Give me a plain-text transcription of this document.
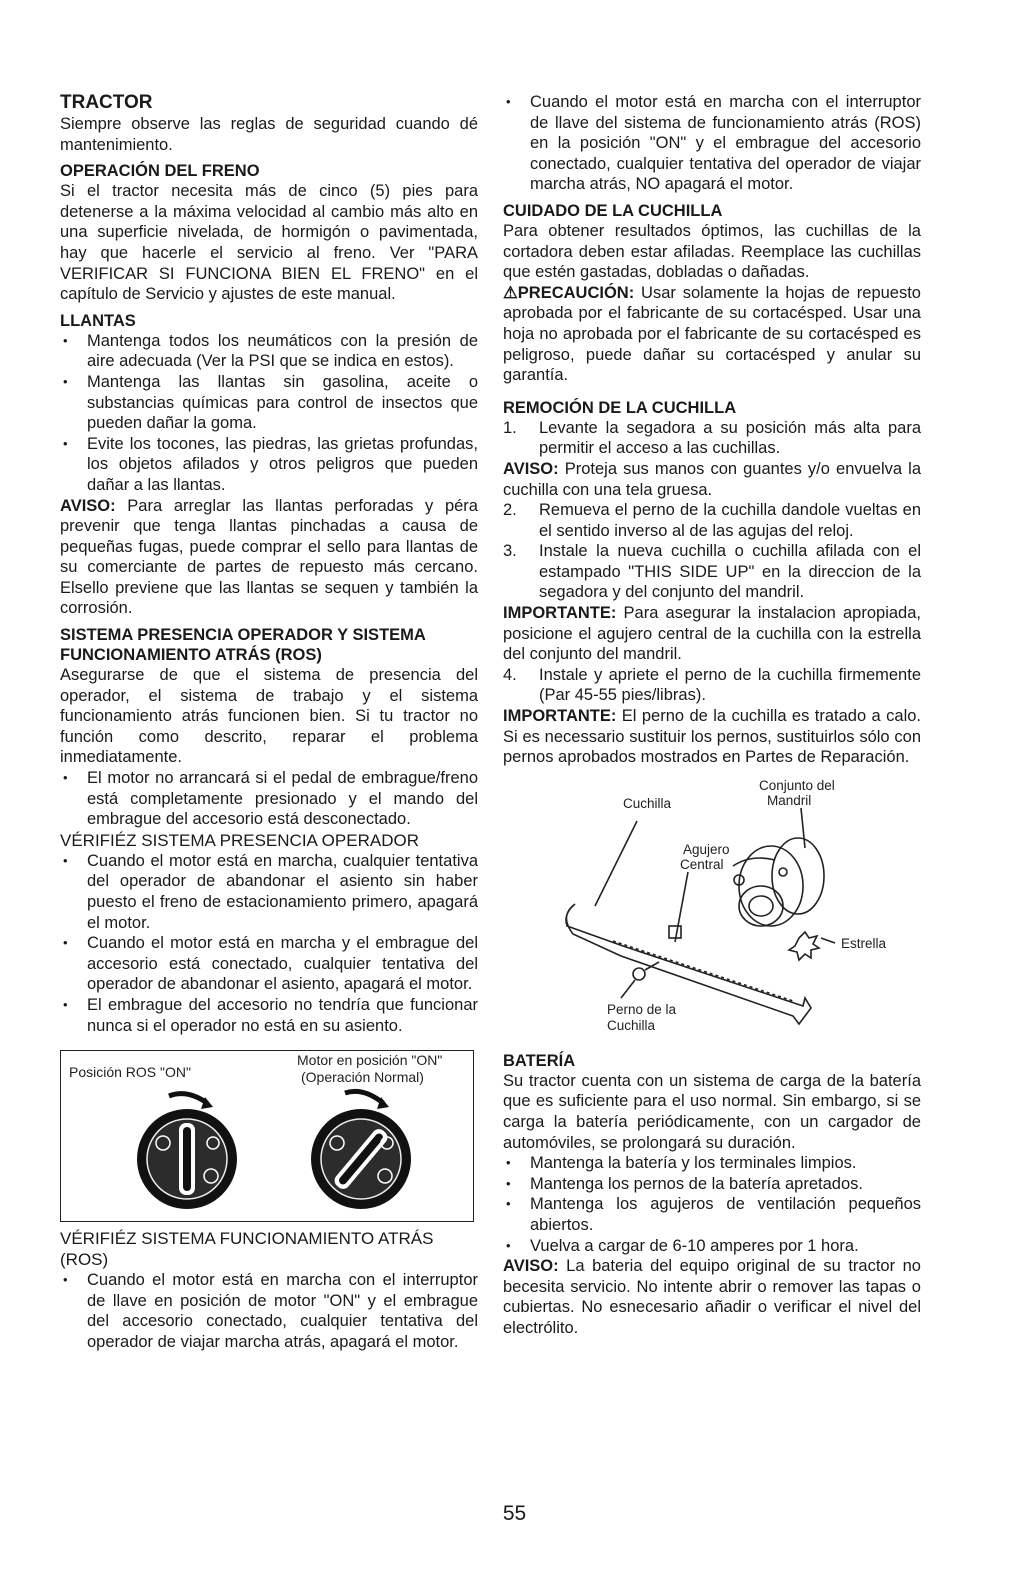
TRACTOR

Siempre observe las reglas de seguridad cuando dé mantenimiento.

OPERACIÓN DEL FRENO

Si el tractor necesita más de cinco (5) pies para detenerse a la máxima velocidad al cambio más alto en una superficie nivelada, de hormigón o pavimentada, hay que hacerle el servicio al freno. Ver "PARA VERIFICAR SI FUNCIONA BIEN EL FRENO" en el capítulo de Servicio y ajustes de este manual.

LLANTAS

• Mantenga todos los neumáticos con la presión de aire adecuada (Ver la PSI que se indica en estos).
• Mantenga las llantas sin gasolina, aceite o substancias químicas para control de insectos que pueden dañar la goma.
• Evite los tocones, las piedras, las grietas profundas, los objetos afilados y otros peligros que pueden dañar a las llantas.

AVISO: Para arreglar las llantas perforadas y péra prevenir que tenga llantas pinchadas a causa de pequeñas fugas, puede comprar el sello para llantas de su comerciante de partes de repuesto más cercano. Elsello previene que las llantas se sequen y también la corrosión.

SISTEMA PRESENCIA OPERADOR Y SISTEMA FUNCIONAMIENTO ATRÁS (ROS)

Asegurarse de que el sistema de presencia del operador, el sistema de trabajo y el sistema funcionamiento atrás funcionen bien. Si tu tractor no función como descrito, reparar el problema inmediatamente.

• El motor no arrancará si el pedal de embrague/freno está completamente presionado y el mando del embrague del accesorio está desconectado.

VÉRIFIÉZ SISTEMA PRESENCIA OPERADOR

• Cuando el motor está en marcha, cualquier tentativa del operador de abandonar el asiento sin haber puesto el freno de estacionamiento primero, apagará el motor.
• Cuando el motor está en marcha y el embrague del accesorio está conectado, cualquier tentativa del operador de abandonar el asiento, apagará el motor.
• El embrague del accesorio no tendría que funcionar nunca si el operador no está en su asiento.
Posición ROS "ON"
Motor en posición "ON"
(Operación Normal)

VÉRIFIÉZ SISTEMA FUNCIONAMIENTO ATRÁS (ROS)

• Cuando el motor está en marcha con el interruptor de llave en posición de motor "ON" y el embrague del accesorio conectado, cualquier tentativa del operador de viajar marcha atrás, apagará el motor.
• Cuando el motor está en marcha con el interruptor de llave del sistema de funcionamiento atrás (ROS) en la posición "ON" y el embrague del accesorio conectado, cualquier tentativa del operador de viajar marcha atrás, NO apagará el motor.

CUIDADO DE LA CUCHILLA

Para obtener resultados óptimos, las cuchillas de la cortadora deben estar afiladas. Reemplace las cuchillas que estén gastadas, dobladas o dañadas.

⚠PRECAUCIÓN: Usar solamente la hojas de repuesto aprobada por el fabricante de su cortacésped. Usar una hoja no aprobada por el fabricante de su cortacésped es peligroso, puede dañar su cortacésped y anular su garantía.

REMOCIÓN DE LA CUCHILLA

1. Levante la segadora a su posición más alta para permitir el acceso a las cuchillas.

AVISO: Proteja sus manos con guantes y/o envuelva la cuchilla con una tela gruesa.

2. Remueva el perno de la cuchilla dandole vueltas en el sentido inverso al de las agujas del reloj.
3. Instale la nueva cuchilla o cuchilla afilada con el estampado "THIS SIDE UP" en la direccion de la segadora y del conjunto del mandril.

IMPORTANTE: Para asegurar la instalacion apropiada, posicione el agujero central de la cuchilla con la estrella del conjunto del mandril.

4. Instale y apriete el perno de la cuchilla firmemente (Par 45-55 pies/libras).

IMPORTANTE: El perno de la cuchilla es tratado a calo. Si es necessario sustituir los pernos, sustituirlos sólo con pernos aprobados mostrados en Partes de Reparación.

Conjunto del
Mandril
Cuchilla
Agujero
Central
Estrella
Perno de la
Cuchilla

BATERÍA

Su tractor cuenta con un sistema de carga de la batería que es suficiente para el uso normal. Sin embargo, si se carga la batería periódicamente, con un cargador de automóviles, se prolongará su duración.

• Mantenga la batería y los terminales limpios.
• Mantenga los pernos de la batería apretados.
• Mantenga los agujeros de ventilación pequeños abiertos.
• Vuelva a cargar de 6-10 amperes por 1 hora.

AVISO: La bateria del equipo original de su tractor no becesita servicio. No intente abrir o remover las tapas o cubiertas. No esnecesario añadir o verificar el nivel del electrólito.

55
